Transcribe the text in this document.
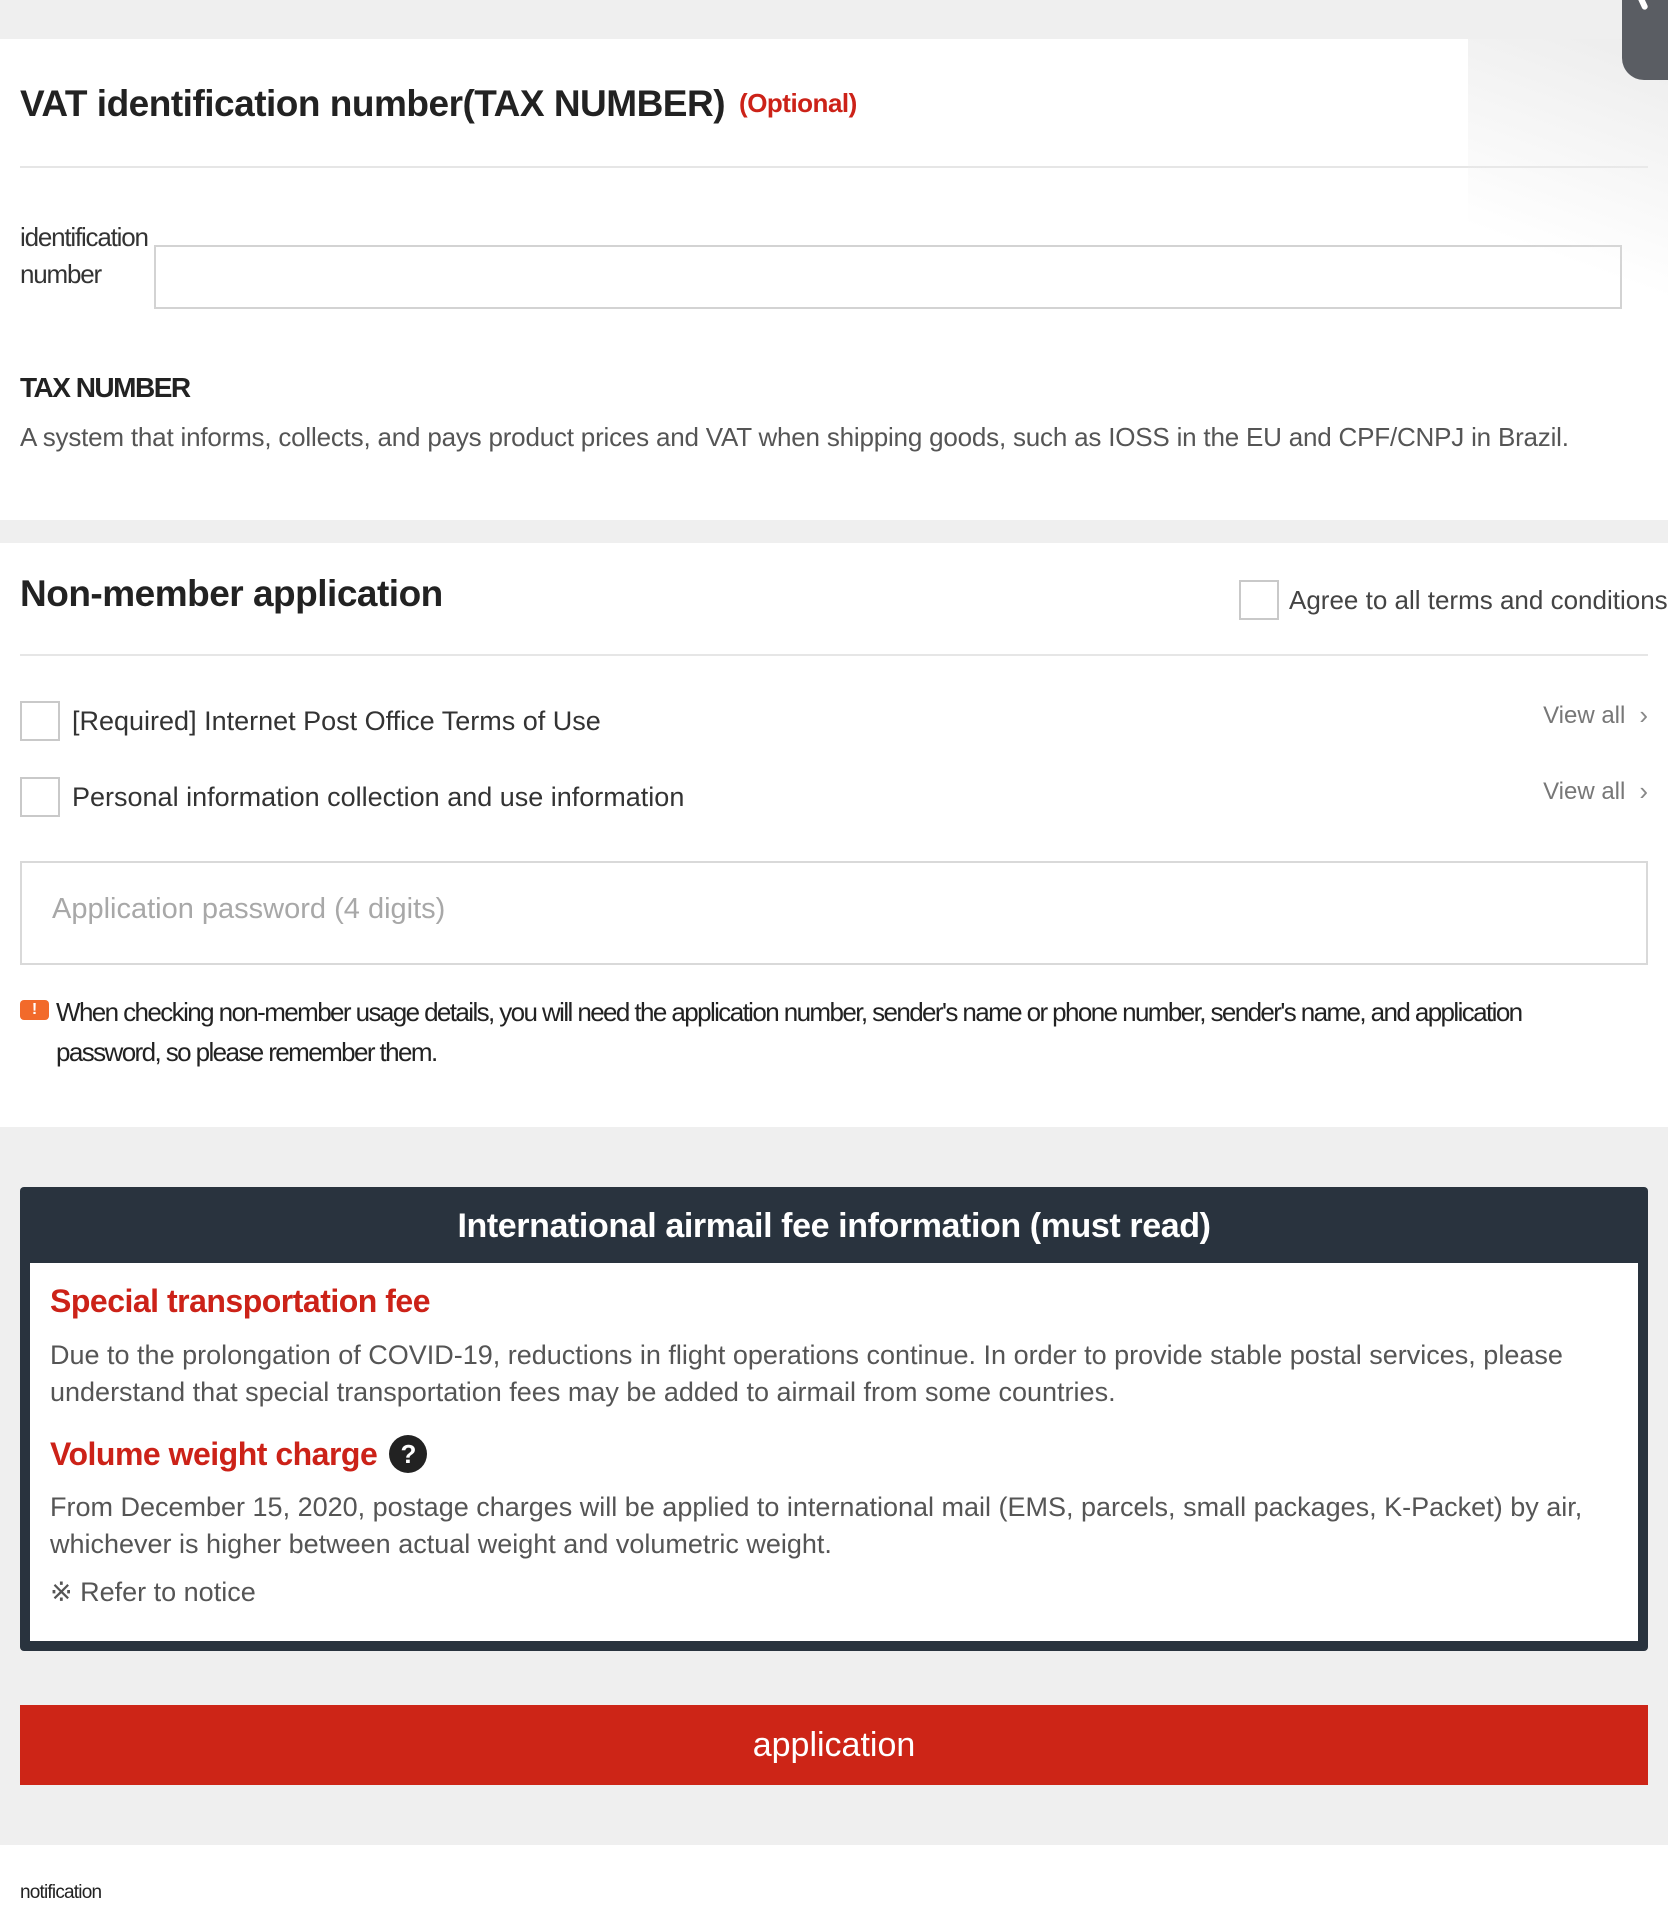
VAT identification number(TAX NUMBER) (Optional)
identification number
TAX NUMBER
A system that informs, collects, and pays product prices and VAT when shipping goods, such as IOSS in the EU and CPF/CNPJ in Brazil.
Non-member application	Agree to all terms and conditions
[Required] Internet Post Office Terms of Use	View all ›
Personal information collection and use information	View all ›
Application password (4 digits)
! When checking non-member usage details, you will need the application number, sender's name or phone number, sender's name, and application password, so please remember them.
International airmail fee information (must read)
Special transportation fee
Due to the prolongation of COVID-19, reductions in flight operations continue. In order to provide stable postal services, please understand that special transportation fees may be added to airmail from some countries.
Volume weight charge ?
From December 15, 2020, postage charges will be applied to international mail (EMS, parcels, small packages, K-Packet) by air, whichever is higher between actual weight and volumetric weight.
※ Refer to notice
application
notification
